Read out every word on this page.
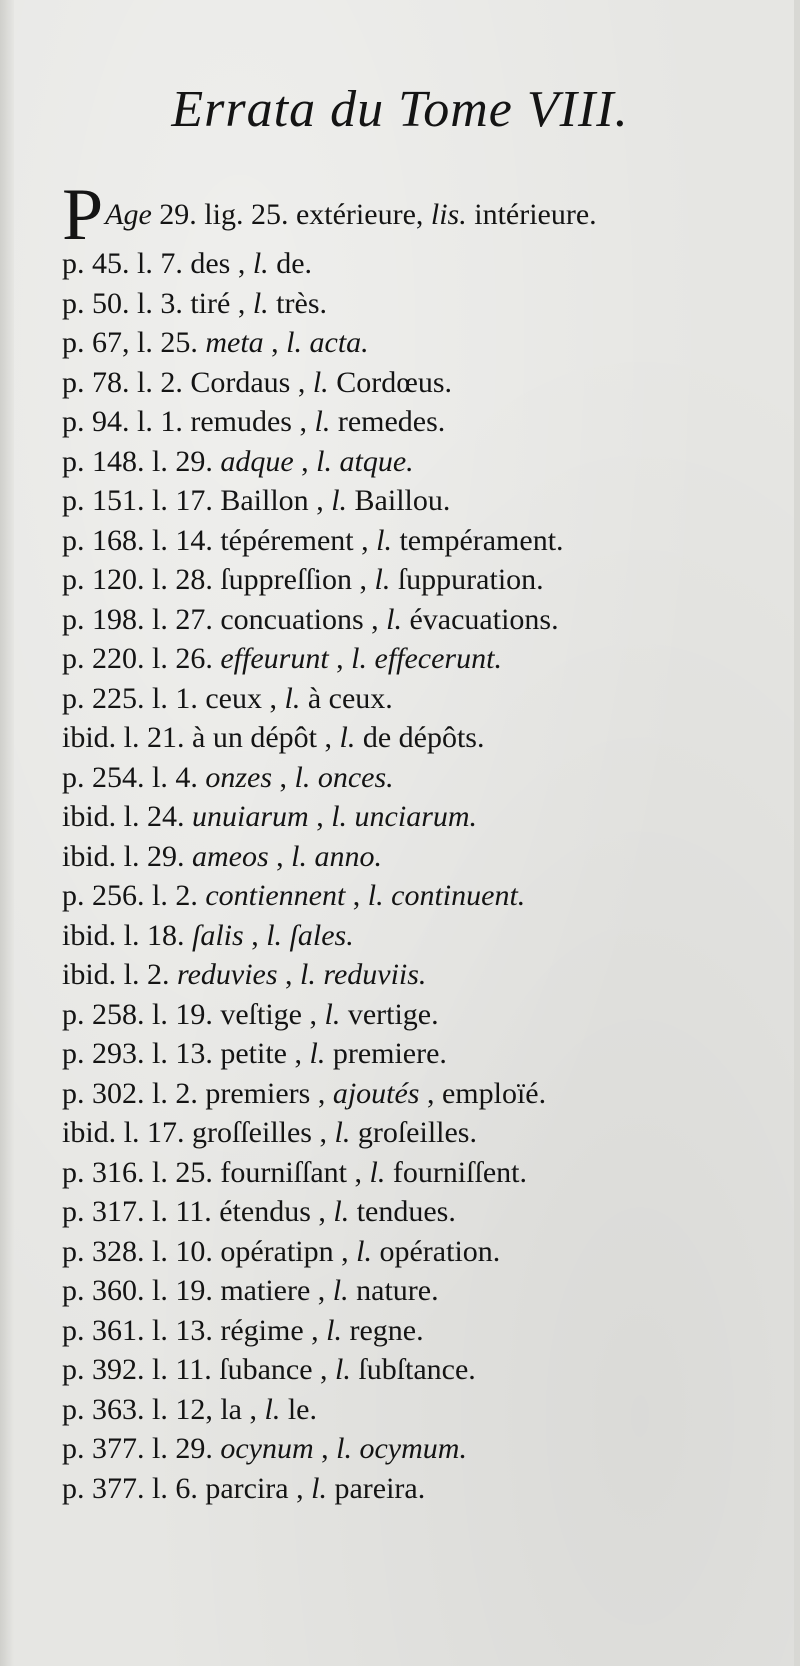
Errata du Tome VIII.
PAge 29. lig. 25. extérieure, lis. intérieure.
p. 45. l. 7. des , l. de.
p. 50. l. 3. tiré , l. très.
p. 67, l. 25. meta , l. acta.
p. 78. l. 2. Cordaus , l. Cordœus.
p. 94. l. 1. remudes , l. remedes.
p. 148. l. 29. adque , l. atque.
p. 151. l. 17. Baillon , l. Baillou.
p. 168. l. 14. tépérement , l. tempérament.
p. 120. l. 28. ſuppreſſion , l. ſuppuration.
p. 198. l. 27. concuations , l. évacuations.
p. 220. l. 26. effeurunt , l. effecerunt.
p. 225. l. 1. ceux , l. à ceux.
ibid. l. 21. à un dépôt , l. de dépôts.
p. 254. l. 4. onzes , l. onces.
ibid. l. 24. unuiarum , l. unciarum.
ibid. l. 29. ameos , l. anno.
p. 256. l. 2. contiennent , l. continuent.
ibid. l. 18. ſalis , l. ſales.
ibid. l. 2. reduvies , l. reduviis.
p. 258. l. 19. veſtige , l. vertige.
p. 293. l. 13. petite , l. premiere.
p. 302. l. 2. premiers , ajoutés , emploïé.
ibid. l. 17. groſſeilles , l. groſeilles.
p. 316. l. 25. fourniſſant , l. fourniſſent.
p. 317. l. 11. étendus , l. tendues.
p. 328. l. 10. opératipn , l. opération.
p. 360. l. 19. matiere , l. nature.
p. 361. l. 13. régime , l. regne.
p. 392. l. 11. ſubance , l. ſubſtance.
p. 363. l. 12, la , l. le.
p. 377. l. 29. ocynum , l. ocymum.
p. 377. l. 6. parcira , l. pareira.
